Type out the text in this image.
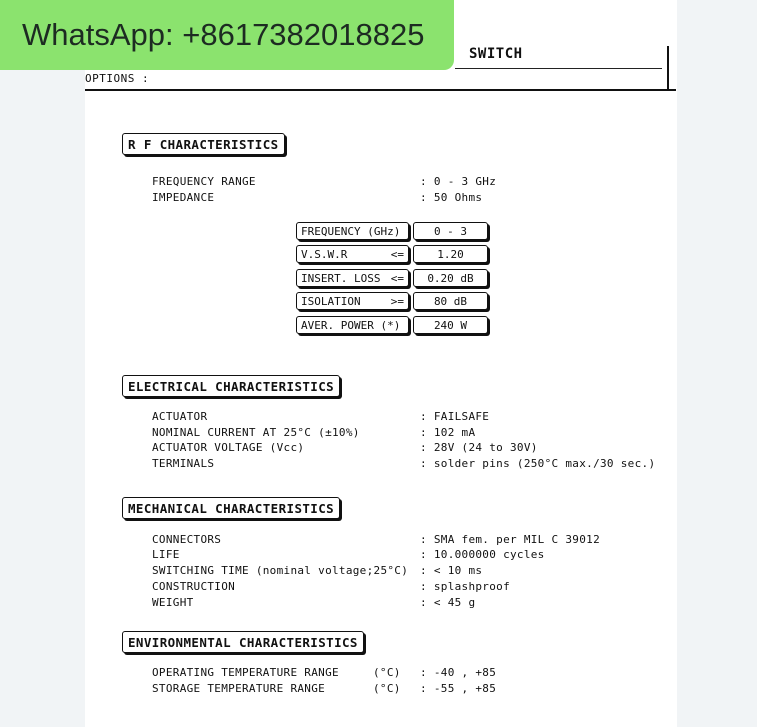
WhatsApp: +8617382018825
SWITCH
OPTIONS :
R F CHARACTERISTICS
FREQUENCY RANGE	: 0 - 3 GHz
IMPEDANCE	: 50 Ohms
FREQUENCY (GHz)	0 - 3
V.S.W.R	<=	1.20
INSERT. LOSS <=	0.20 dB
ISOLATION	>=	80 dB
AVER. POWER (*)	240 W
ELECTRICAL CHARACTERISTICS
ACTUATOR	: FAILSAFE
NOMINAL CURRENT AT 25°C (±10%)	: 102 mA
ACTUATOR VOLTAGE (Vcc)	: 28V (24 to 30V)
TERMINALS	: solder pins (250°C max./30 sec.)
MECHANICAL CHARACTERISTICS
CONNECTORS	: SMA fem. per MIL C 39012
LIFE	: 10.000000 cycles
SWITCHING TIME (nominal voltage;25°C) : < 10 ms
CONSTRUCTION	: splashproof
WEIGHT	: < 45 g
ENVIRONMENTAL CHARACTERISTICS
OPERATING TEMPERATURE RANGE	(°C) : -40 , +85
STORAGE TEMPERATURE RANGE	(°C) : -55 , +85
